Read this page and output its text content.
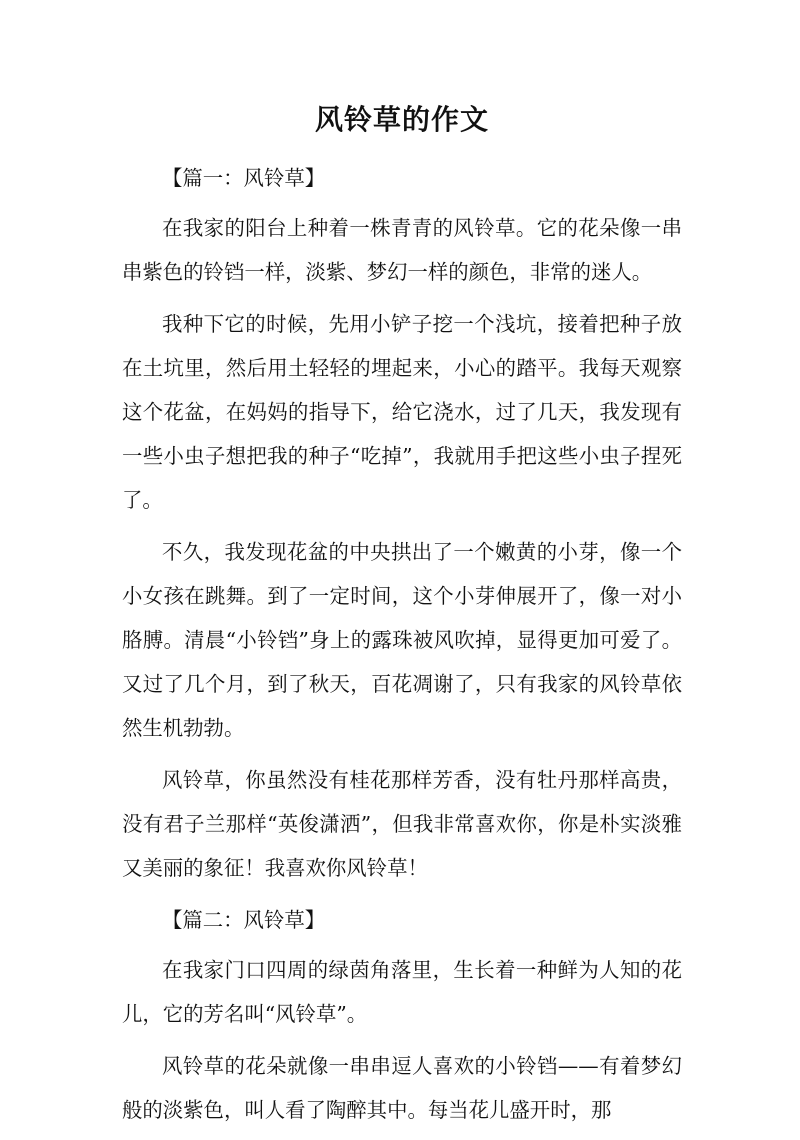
风铃草的作文

【篇一：风铃草】

在我家的阳台上种着一株青青的风铃草。它的花朵像一串串紫色的铃铛一样，淡紫、梦幻一样的颜色，非常的迷人。

我种下它的时候，先用小铲子挖一个浅坑，接着把种子放在土坑里，然后用土轻轻的埋起来，小心的踏平。我每天观察这个花盆，在妈妈的指导下，给它浇水，过了几天，我发现有一些小虫子想把我的种子“吃掉”，我就用手把这些小虫子捏死了。

不久，我发现花盆的中央拱出了一个嫩黄的小芽，像一个小女孩在跳舞。到了一定时间，这个小芽伸展开了，像一对小胳膊。清晨“小铃铛”身上的露珠被风吹掉，显得更加可爱了。又过了几个月，到了秋天，百花凋谢了，只有我家的风铃草依然生机勃勃。

风铃草，你虽然没有桂花那样芳香，没有牡丹那样高贵，没有君子兰那样“英俊潇洒”，但我非常喜欢你，你是朴实淡雅又美丽的象征！我喜欢你风铃草！

【篇二：风铃草】

在我家门口四周的绿茵角落里，生长着一种鲜为人知的花儿，它的芳名叫“风铃草”。

风铃草的花朵就像一串串逗人喜欢的小铃铛——有着梦幻般的淡紫色，叫人看了陶醉其中。每当花儿盛开时，那
